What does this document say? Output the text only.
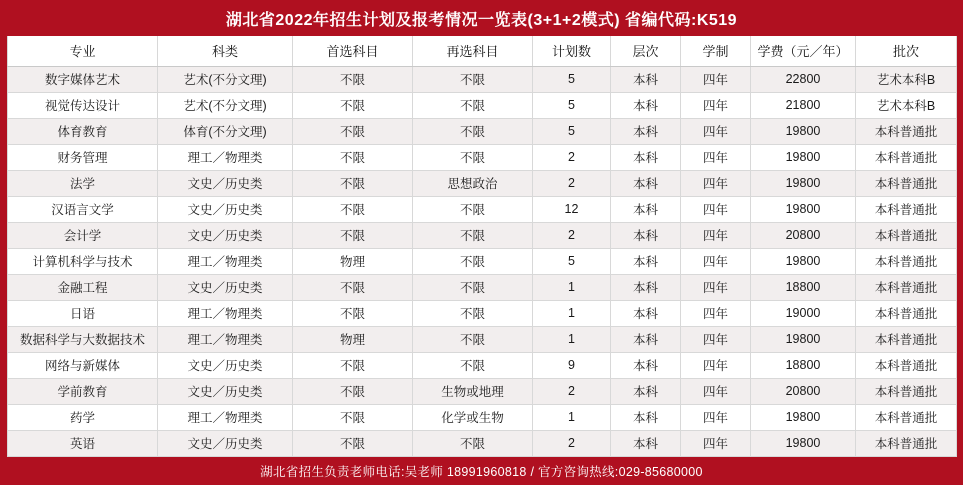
湖北省2022年招生计划及报考情况一览表(3+1+2模式) 省编代码:K519
专业	科类	首选科目	再选科目	计划数	层次	学制	学费（元／年）	批次
数字媒体艺术	艺术(不分文理)	不限	不限	5	本科	四年	22800	艺术本科B
视觉传达设计	艺术(不分文理)	不限	不限	5	本科	四年	21800	艺术本科B
体育教育	体育(不分文理)	不限	不限	5	本科	四年	19800	本科普通批
财务管理	理工／物理类	不限	不限	2	本科	四年	19800	本科普通批
法学	文史／历史类	不限	思想政治	2	本科	四年	19800	本科普通批
汉语言文学	文史／历史类	不限	不限	12	本科	四年	19800	本科普通批
会计学	文史／历史类	不限	不限	2	本科	四年	20800	本科普通批
计算机科学与技术	理工／物理类	物理	不限	5	本科	四年	19800	本科普通批
金融工程	文史／历史类	不限	不限	1	本科	四年	18800	本科普通批
日语	理工／物理类	不限	不限	1	本科	四年	19000	本科普通批
数据科学与大数据技术	理工／物理类	物理	不限	1	本科	四年	19800	本科普通批
网络与新媒体	文史／历史类	不限	不限	9	本科	四年	18800	本科普通批
学前教育	文史／历史类	不限	生物或地理	2	本科	四年	20800	本科普通批
药学	理工／物理类	不限	化学或生物	1	本科	四年	19800	本科普通批
英语	文史／历史类	不限	不限	2	本科	四年	19800	本科普通批
湖北省招生负责老师电话:吴老师 18991960818 / 官方咨询热线:029-85680000
